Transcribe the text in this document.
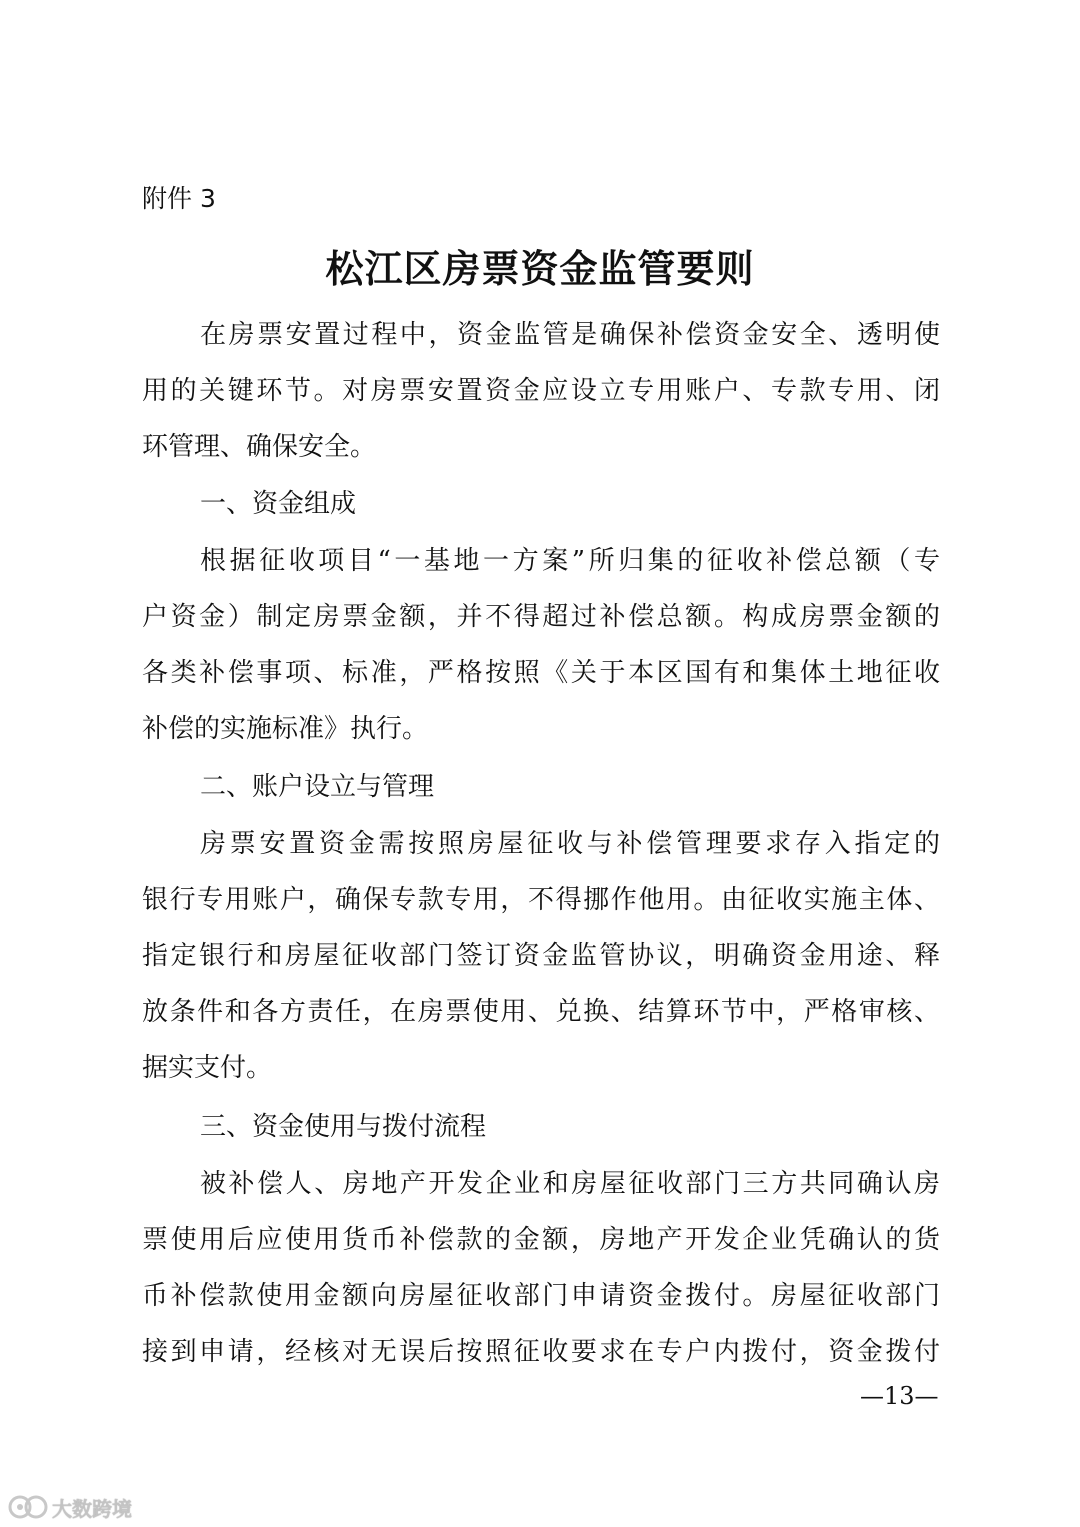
附件 3
松江区房票资金监管要则
在房票安置过程中，资金监管是确保补偿资金安全、透明使
用的关键环节。对房票安置资金应设立专用账户、专款专用、闭
环管理、确保安全。
一、资金组成
根据征收项目“一基地一方案”所归集的征收补偿总额（专
户资金）制定房票金额，并不得超过补偿总额。构成房票金额的
各类补偿事项、标准，严格按照《关于本区国有和集体土地征收
补偿的实施标准》执行。
二、账户设立与管理
房票安置资金需按照房屋征收与补偿管理要求存入指定的
银行专用账户，确保专款专用，不得挪作他用。由征收实施主体、
指定银行和房屋征收部门签订资金监管协议，明确资金用途、释
放条件和各方责任，在房票使用、兑换、结算环节中，严格审核、
据实支付。
三、资金使用与拨付流程
被补偿人、房地产开发企业和房屋征收部门三方共同确认房
票使用后应使用货币补偿款的金额，房地产开发企业凭确认的货
币补偿款使用金额向房屋征收部门申请资金拨付。房屋征收部门
接到申请，经核对无误后按照征收要求在专户内拨付，资金拨付
—13—
大数跨境
